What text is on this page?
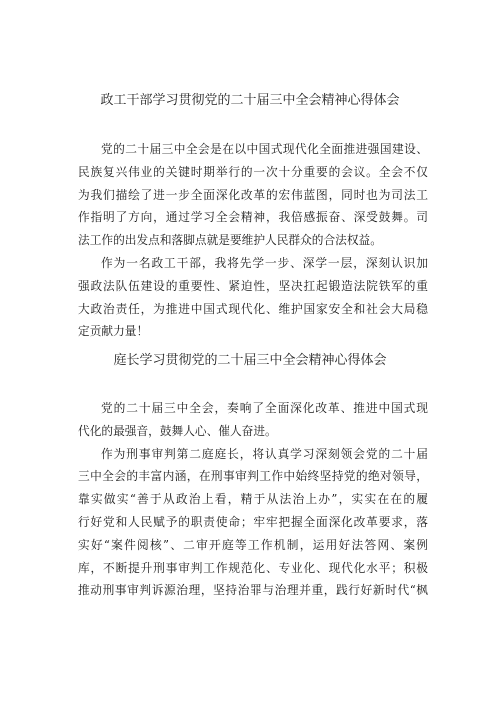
政工干部学习贯彻党的二十届三中全会精神心得体会
庭长学习贯彻党的二十届三中全会精神心得体会
党的二十届三中全会是在以中国式现代化全面推进强国建设、
民族复兴伟业的关键时期举行的一次十分重要的会议。全会不仅
为我们描绘了进一步全面深化改革的宏伟蓝图，同时也为司法工
作指明了方向，通过学习全会精神，我倍感振奋、深受鼓舞。司
法工作的出发点和落脚点就是要维护人民群众的合法权益。
作为一名政工干部，我将先学一步、深学一层，深刻认识加
强政法队伍建设的重要性、紧迫性，坚决扛起锻造法院铁军的重
大政治责任，为推进中国式现代化、维护国家安全和社会大局稳
定贡献力量！
党的二十届三中全会，奏响了全面深化改革、推进中国式现
代化的最强音，鼓舞人心、催人奋进。
作为刑事审判第二庭庭长，将认真学习深刻领会党的二十届
三中全会的丰富内涵，在刑事审判工作中始终坚持党的绝对领导，
靠实做实“善于从政治上看，精于从法治上办”，实实在在的履
行好党和人民赋予的职责使命；牢牢把握全面深化改革要求，落
实好“案件阅核”、二审开庭等工作机制，运用好法答网、案例
库，不断提升刑事审判工作规范化、专业化、现代化水平；积极
推动刑事审判诉源治理，坚持治罪与治理并重，践行好新时代“枫
